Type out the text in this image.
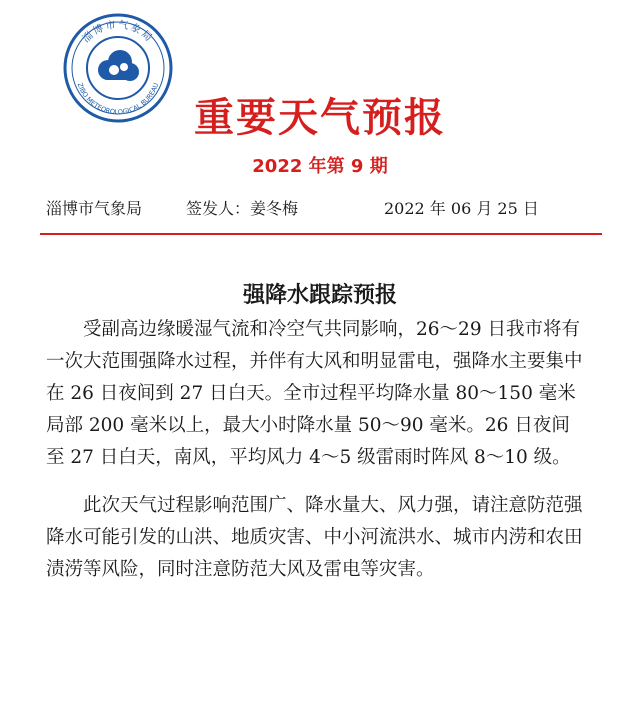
淄博市气象局
ZIBO METEOROLOGICAL BUREAU
重要天气预报
2022 年第 9 期
淄博市气象局	签发人：姜冬梅	2022 年 06 月 25 日
强降水跟踪预报

受副高边缘暖湿气流和冷空气共同影响，26～29 日我市将有一次大范围强降水过程，并伴有大风和明显雷电，强降水主要集中在 26 日夜间到 27 日白天。全市过程平均降水量 80～150 毫米局部 200 毫米以上，最大小时降水量 50～90 毫米。26 日夜间至 27 日白天，南风，平均风力 4～5 级雷雨时阵风 8～10 级。

此次天气过程影响范围广、降水量大、风力强，请注意防范强降水可能引发的山洪、地质灾害、中小河流洪水、城市内涝和农田渍涝等风险，同时注意防范大风及雷电等灾害。
